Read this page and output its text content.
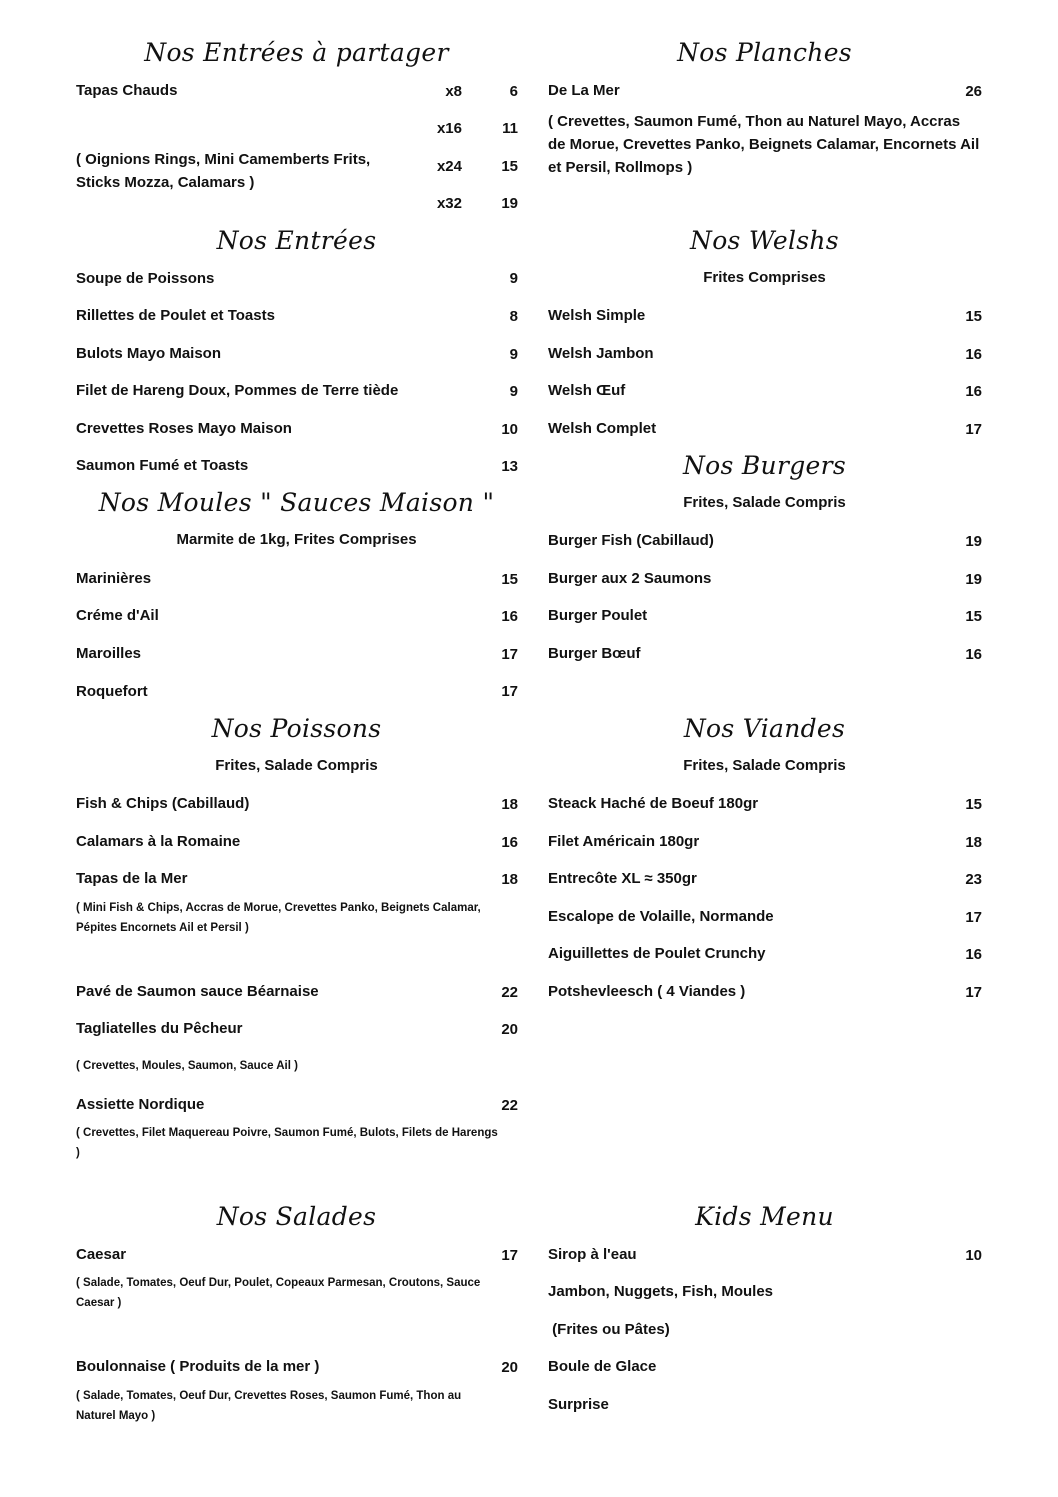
Nos Entrées à partager
Tapas Chauds
( Oignions Rings, Mini Camemberts Frits, Sticks Mozza, Calamars )
x8	6
x16	11
x24	15
x32	19
Nos Planches
De La Mer	26
( Crevettes, Saumon Fumé, Thon au Naturel Mayo, Accras de Morue, Crevettes Panko, Beignets Calamar, Encornets Ail et Persil, Rollmops )
Nos Entrées
Soupe de Poissons	9
Rillettes de Poulet et Toasts	8
Bulots Mayo Maison	9
Filet de Hareng Doux, Pommes de Terre tiède	9
Crevettes Roses Mayo Maison	10
Saumon Fumé et Toasts	13
Nos Welshs
Frites Comprises
Welsh Simple	15
Welsh Jambon	16
Welsh Œuf	16
Welsh Complet	17
Nos Moules " Sauces Maison "
Marmite de 1kg, Frites Comprises
Marinières	15
Créme d'Ail	16
Maroilles	17
Roquefort	17
Nos Burgers
Frites, Salade Compris
Burger Fish (Cabillaud)	19
Burger aux 2 Saumons	19
Burger Poulet	15
Burger Bœuf	16
Nos Poissons
Frites, Salade Compris
Fish & Chips (Cabillaud)	18
Calamars à la Romaine	16
Tapas de la Mer	18
( Mini Fish & Chips, Accras de Morue, Crevettes Panko, Beignets Calamar, Pépites Encornets Ail et Persil )
Pavé de Saumon sauce Béarnaise	22
Tagliatelles du Pêcheur	20
( Crevettes, Moules, Saumon, Sauce Ail )
Assiette Nordique	22
( Crevettes, Filet Maquereau Poivre, Saumon Fumé, Bulots, Filets de Harengs )
Nos Viandes
Frites, Salade Compris
Steack Haché de Boeuf 180gr	15
Filet Américain 180gr	18
Entrecôte XL ≈ 350gr	23
Escalope de Volaille, Normande	17
Aiguillettes de Poulet Crunchy	16
Potshevleesch ( 4 Viandes )	17
Nos Salades
Caesar	17
( Salade, Tomates, Oeuf Dur, Poulet, Copeaux Parmesan, Croutons, Sauce Caesar )
Boulonnaise ( Produits de la mer )	20
( Salade, Tomates, Oeuf Dur, Crevettes Roses, Saumon Fumé, Thon au Naturel Mayo )
Kids Menu
Sirop à l'eau	10
Jambon, Nuggets, Fish, Moules
(Frites ou Pâtes)
Boule de Glace
Surprise
